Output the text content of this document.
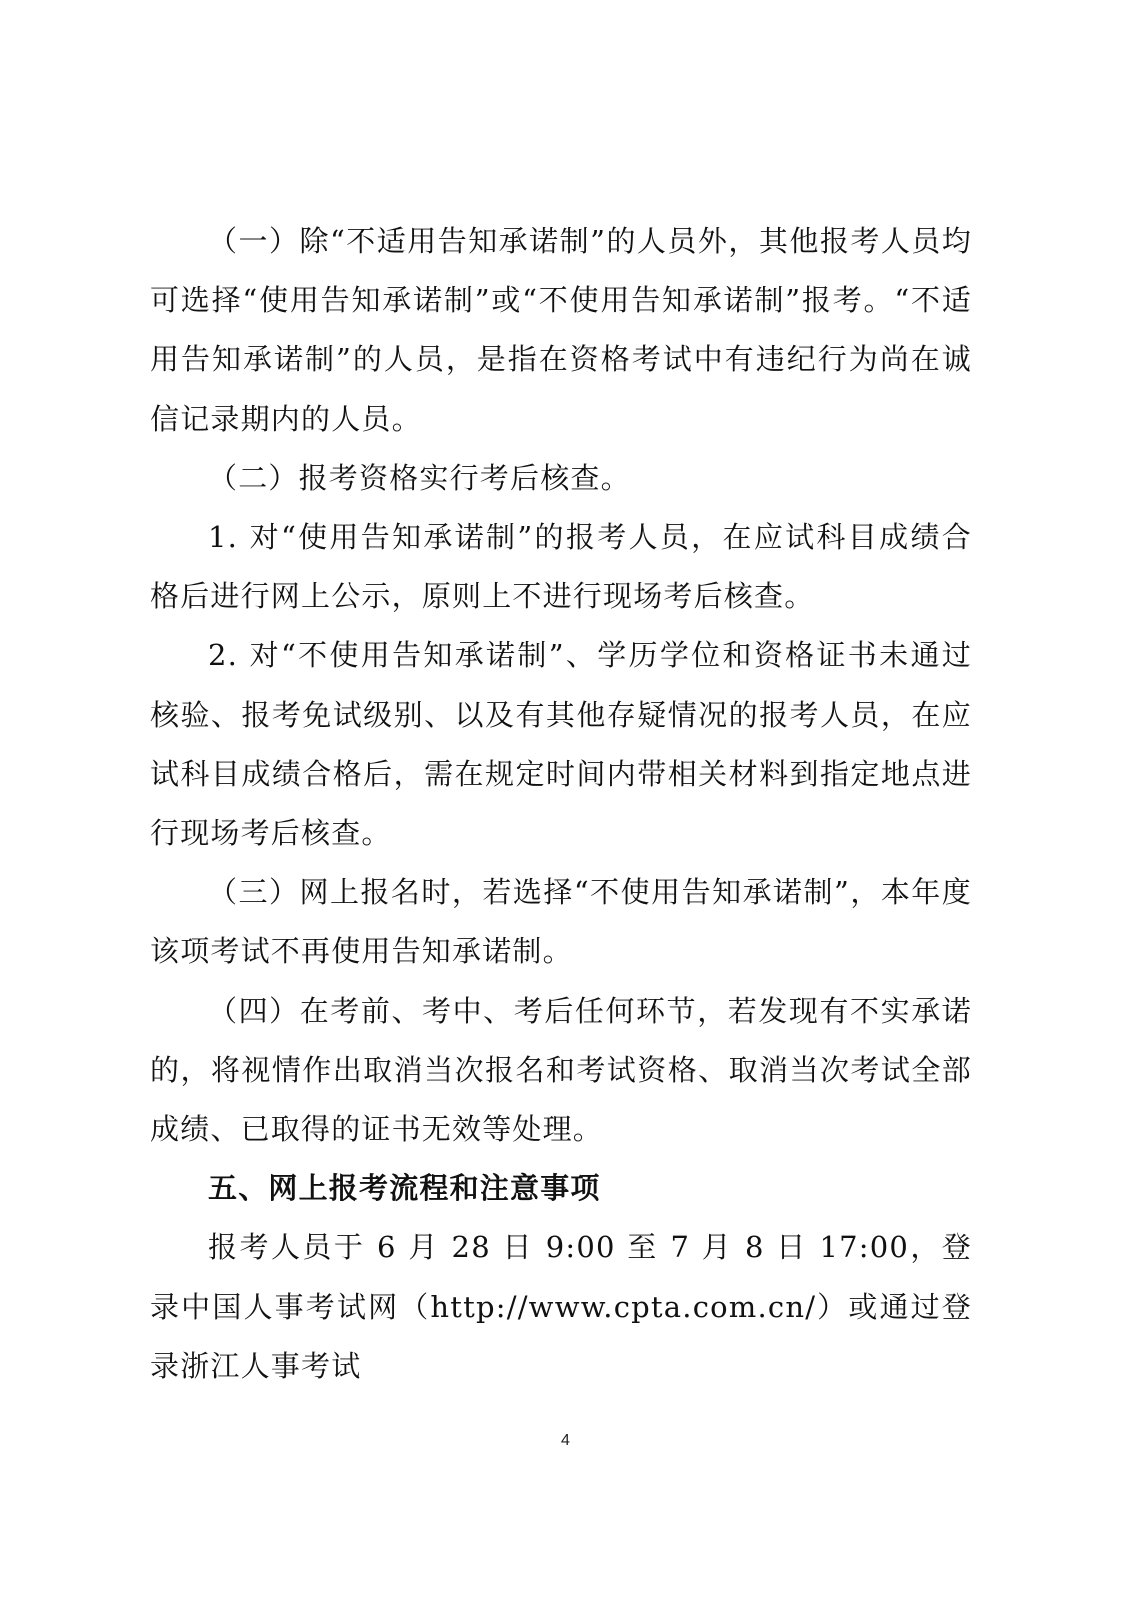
（一）除“不适用告知承诺制”的人员外，其他报考人员均可选择“使用告知承诺制”或“不使用告知承诺制”报考。“不适用告知承诺制”的人员，是指在资格考试中有违纪行为尚在诚信记录期内的人员。

（二）报考资格实行考后核查。

1. 对“使用告知承诺制”的报考人员，在应试科目成绩合格后进行网上公示，原则上不进行现场考后核查。

2. 对“不使用告知承诺制”、学历学位和资格证书未通过核验、报考免试级别、以及有其他存疑情况的报考人员，在应试科目成绩合格后，需在规定时间内带相关材料到指定地点进行现场考后核查。

（三）网上报名时，若选择“不使用告知承诺制”，本年度该项考试不再使用告知承诺制。

（四）在考前、考中、考后任何环节，若发现有不实承诺的，将视情作出取消当次报名和考试资格、取消当次考试全部成绩、已取得的证书无效等处理。

五、网上报考流程和注意事项

报考人员于 6 月 28 日 9:00 至 7 月 8 日 17:00，登录中国人事考试网（http://www.cpta.com.cn/）或通过登录浙江人事考试

4
